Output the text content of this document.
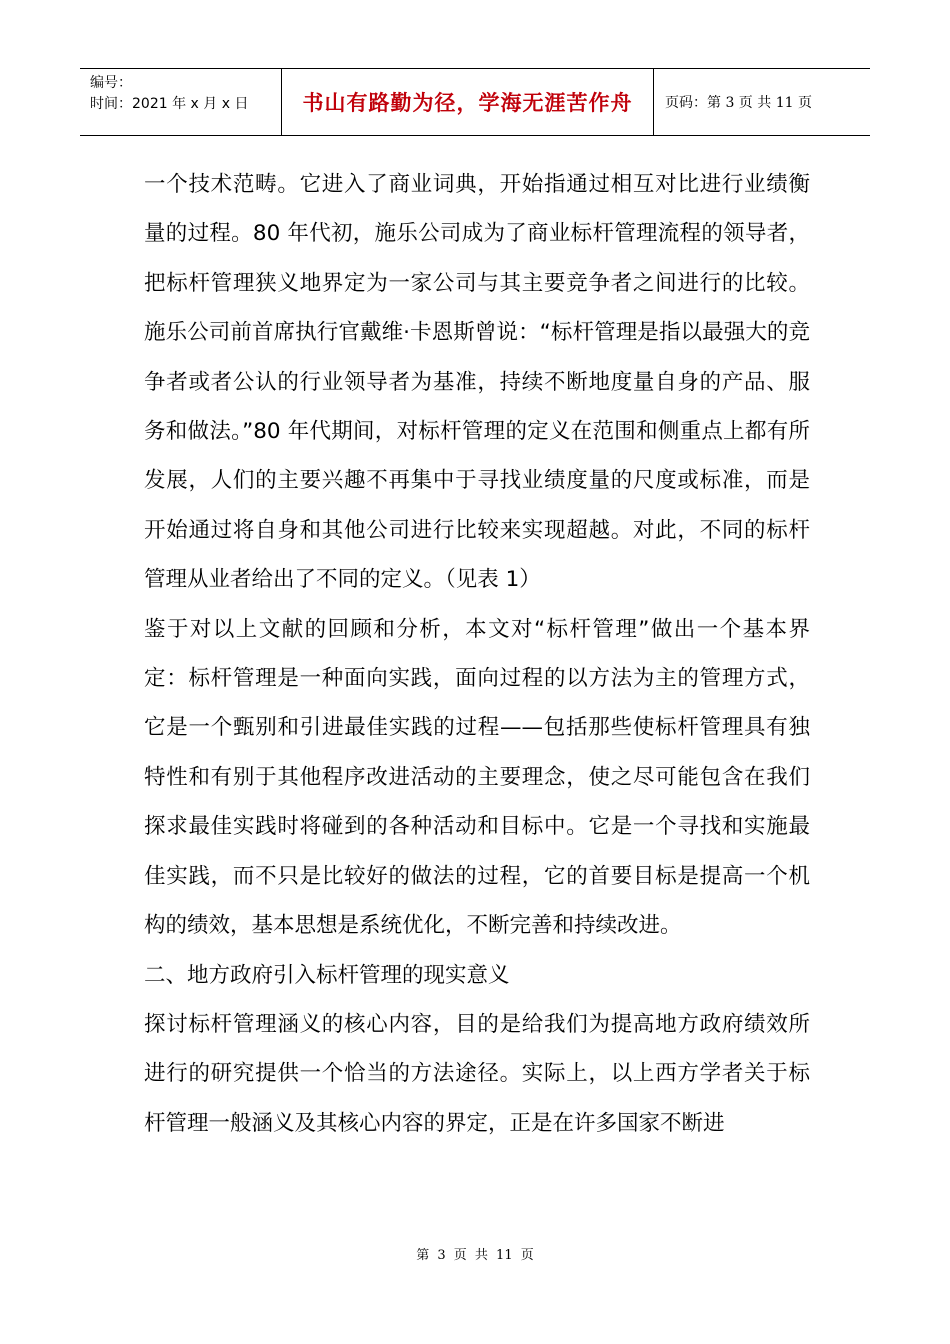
编号：
时间：2021 年 x 月 x 日	书山有路勤为径，学海无涯苦作舟	页码：第 3 页 共 11 页

一个技术范畴。它进入了商业词典，开始指通过相互对比进行业绩衡量的过程。80 年代初，施乐公司成为了商业标杆管理流程的领导者，把标杆管理狭义地界定为一家公司与其主要竞争者之间进行的比较。施乐公司前首席执行官戴维·卡恩斯曾说：“标杆管理是指以最强大的竞争者或者公认的行业领导者为基准，持续不断地度量自身的产品、服务和做法。”80 年代期间，对标杆管理的定义在范围和侧重点上都有所发展，人们的主要兴趣不再集中于寻找业绩度量的尺度或标准，而是开始通过将自身和其他公司进行比较来实现超越。对此，不同的标杆管理从业者给出了不同的定义。（见表 1）

鉴于对以上文献的回顾和分析，本文对“标杆管理”做出一个基本界定：标杆管理是一种面向实践，面向过程的以方法为主的管理方式，它是一个甄别和引进最佳实践的过程——包括那些使标杆管理具有独特性和有别于其他程序改进活动的主要理念，使之尽可能包含在我们探求最佳实践时将碰到的各种活动和目标中。它是一个寻找和实施最佳实践，而不只是比较好的做法的过程，它的首要目标是提高一个机构的绩效，基本思想是系统优化，不断完善和持续改进。

二、地方政府引入标杆管理的现实意义

探讨标杆管理涵义的核心内容，目的是给我们为提高地方政府绩效所进行的研究提供一个恰当的方法途径。实际上，以上西方学者关于标杆管理一般涵义及其核心内容的界定，正是在许多国家不断进

第 3 页 共 11 页
